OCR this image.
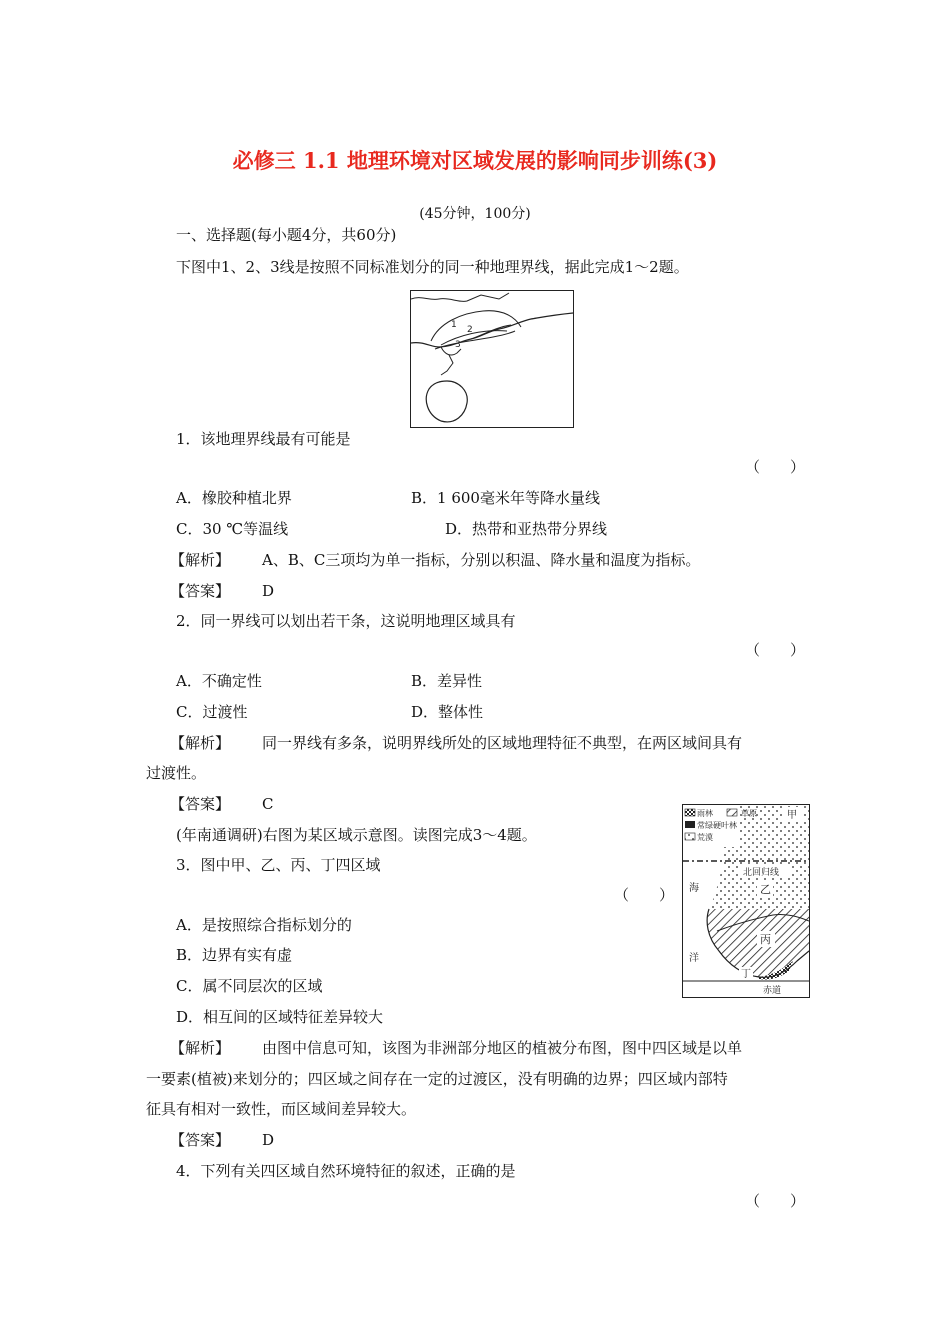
必修三 1.1 地理环境对区域发展的影响同步训练(3)
(45分钟，100分)
一、选择题(每小题4分，共60分)
下图中1、2、3线是按照不同标准划分的同一种地理界线，据此完成1～2题。
1 2
3
1．该地理界线最有可能是
（　　）
A．橡胶种植北界	B．1 600毫米年等降水量线
C．30 ℃等温线	D．热带和亚热带分界线
【解析】 A、B、C三项均为单一指标，分别以积温、降水量和温度为指标。
【答案】 D
2．同一界线可以划出若干条，这说明地理区域具有
（　　）
A．不确定性	B．差异性
C．过渡性	D．整体性
【解析】 同一界线有多条，说明界线所处的区域地理特征不典型，在两区域间具有
过渡性。
【答案】 C
(年南通调研)右图为某区域示意图。读图完成3～4题。
雨林	草原
常绿硬叶林
荒漠
甲
北回归线
乙
丙
丁
海
洋
赤道
3．图中甲、乙、丙、丁四区域
（　　）
A．是按照综合指标划分的
B．边界有实有虚
C．属不同层次的区域
D．相互间的区域特征差异较大
【解析】 由图中信息可知，该图为非洲部分地区的植被分布图，图中四区域是以单
一要素(植被)来划分的；四区域之间存在一定的过渡区，没有明确的边界；四区域内部特
征具有相对一致性，而区域间差异较大。
【答案】 D
4．下列有关四区域自然环境特征的叙述，正确的是
（　　）
